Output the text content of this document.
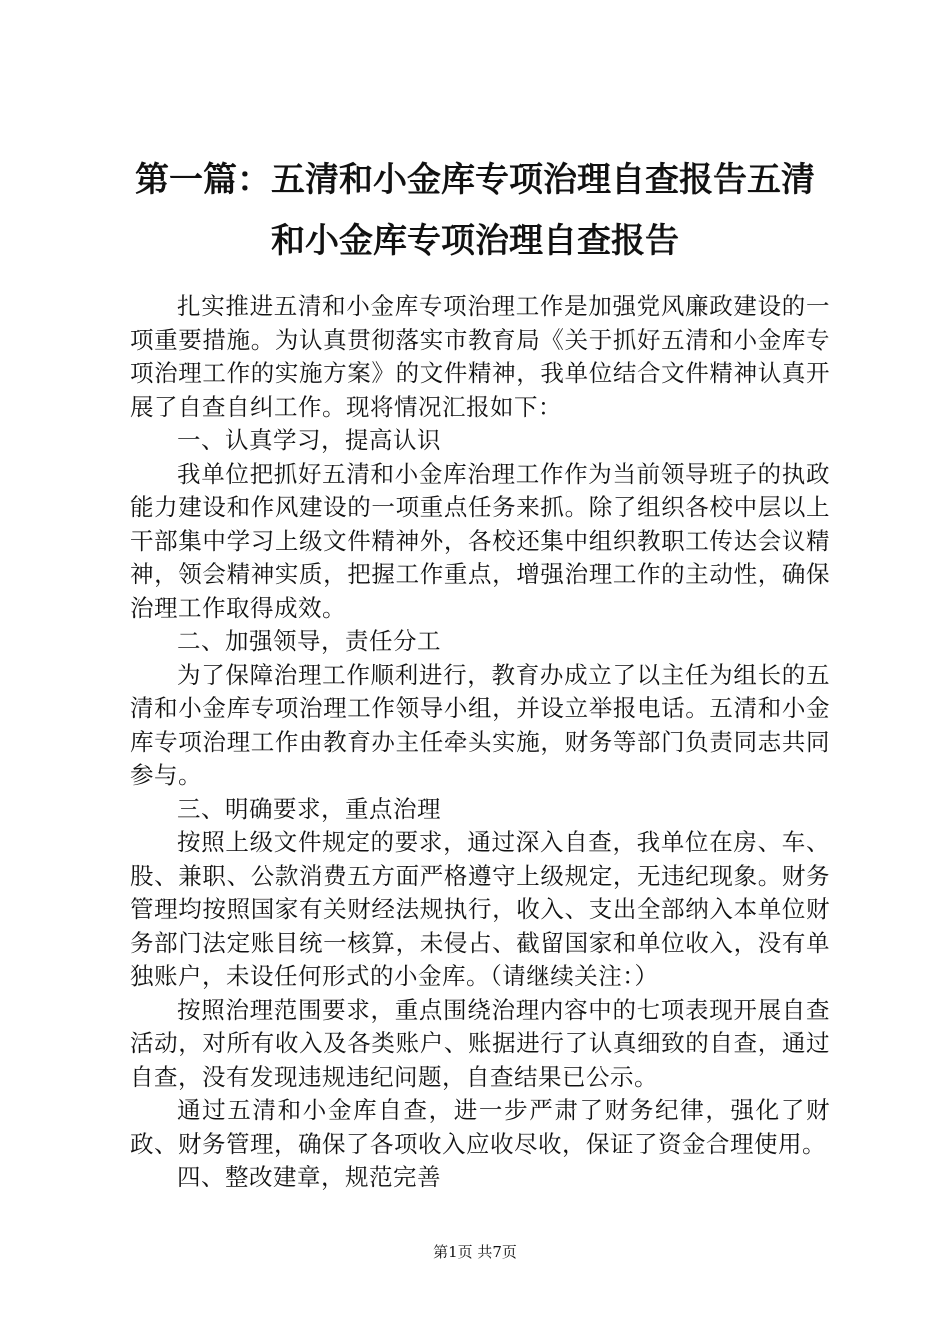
第一篇：五清和小金库专项治理自查报告五清
和小金库专项治理自查报告

扎实推进五清和小金库专项治理工作是加强党风廉政建设的一项重要措施。为认真贯彻落实市教育局《关于抓好五清和小金库专项治理工作的实施方案》的文件精神，我单位结合文件精神认真开展了自查自纠工作。现将情况汇报如下：

一、认真学习，提高认识

我单位把抓好五清和小金库治理工作作为当前领导班子的执政能力建设和作风建设的一项重点任务来抓。除了组织各校中层以上干部集中学习上级文件精神外，各校还集中组织教职工传达会议精神，领会精神实质，把握工作重点，增强治理工作的主动性，确保治理工作取得成效。

二、加强领导，责任分工

为了保障治理工作顺利进行，教育办成立了以主任为组长的五清和小金库专项治理工作领导小组，并设立举报电话。五清和小金库专项治理工作由教育办主任牵头实施，财务等部门负责同志共同参与。

三、明确要求，重点治理

按照上级文件规定的要求，通过深入自查，我单位在房、车、股、兼职、公款消费五方面严格遵守上级规定，无违纪现象。财务管理均按照国家有关财经法规执行，收入、支出全部纳入本单位财务部门法定账目统一核算，未侵占、截留国家和单位收入，没有单独账户，未设任何形式的小金库。（请继续关注：）

按照治理范围要求，重点围绕治理内容中的七项表现开展自查活动，对所有收入及各类账户、账据进行了认真细致的自查，通过自查，没有发现违规违纪问题，自查结果已公示。

通过五清和小金库自查，进一步严肃了财务纪律，强化了财政、财务管理，确保了各项收入应收尽收，保证了资金合理使用。

四、整改建章，规范完善

第1页 共7页
